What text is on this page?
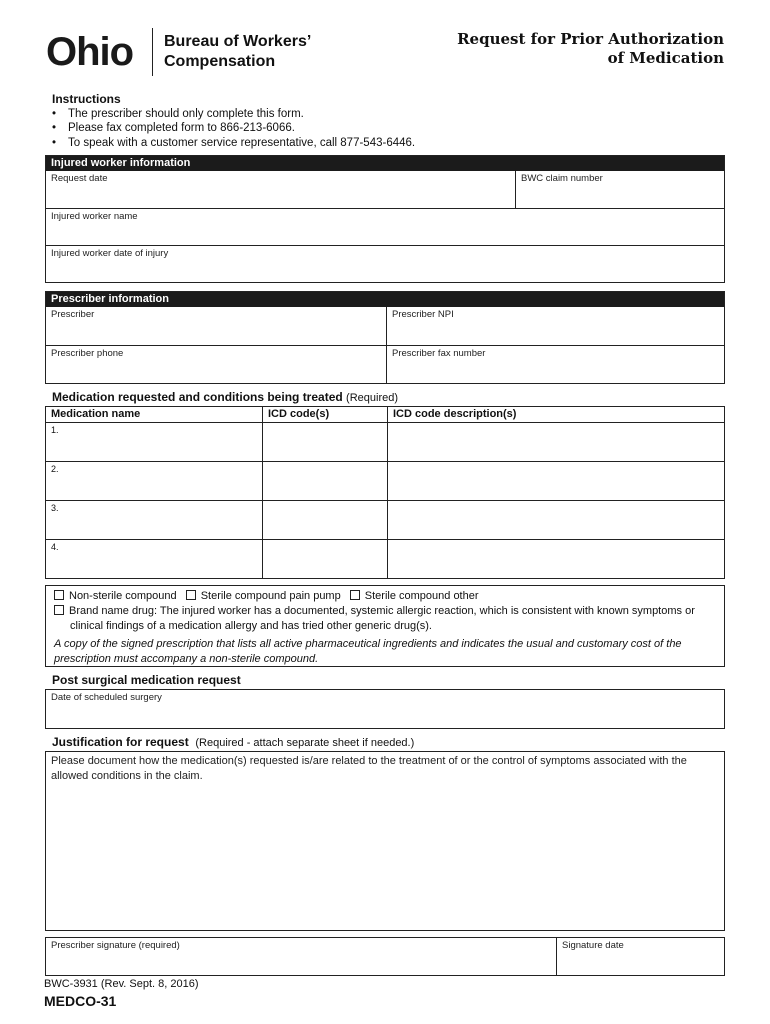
Ohio Bureau of Workers’
Compensation
Request for Prior Authorization
of Medication
Instructions
• The prescriber should only complete this form.
• Please fax completed form to 866-213-6066.
• To speak with a customer service representative, call 877-543-6446.
Injured worker information
Request date	BWC claim number
Injured worker name
Injured worker date of injury
Prescriber information
Prescriber	Prescriber NPI
Prescriber phone	Prescriber fax number
Medication requested and conditions being treated (Required)
Medication name	ICD code(s)	ICD code description(s)
1.
2.
3.
4.
Non-sterile compound Sterile compound pain pump Sterile compound other
Brand name drug: The injured worker has a documented, systemic allergic reaction, which is consistent with known symptoms or clinical findings of a medication allergy and has tried other generic drug(s).
A copy of the signed prescription that lists all active pharmaceutical ingredients and indicates the usual and customary cost of the prescription must accompany a non-sterile compound.
Post surgical medication request
Date of scheduled surgery
Justification for request (Required - attach separate sheet if needed.)
Please document how the medication(s) requested is/are related to the treatment of or the control of symptoms associated with the allowed conditions in the claim.
Prescriber signature (required)	Signature date
BWC-3931 (Rev. Sept. 8, 2016)
MEDCO-31
